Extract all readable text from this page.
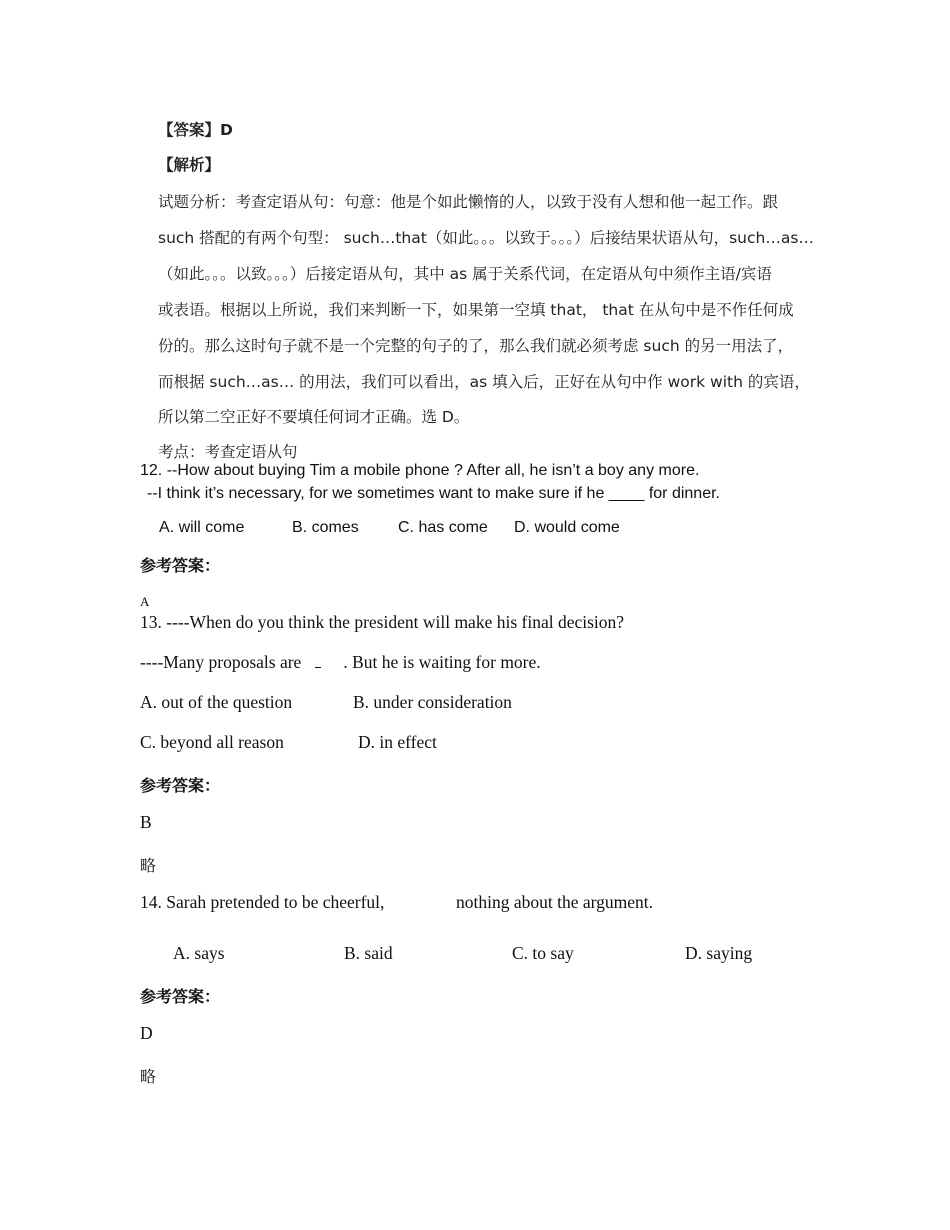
【答案】D
【解析】
试题分析：考查定语从句：句意：他是个如此懒惰的人，以致于没有人想和他一起工作。跟
such 搭配的有两个句型： such…that（如此。。。以致于。。。）后接结果状语从句，such…as…
（如此。。。以致。。。）后接定语从句，其中 as 属于关系代词，在定语从句中须作主语/宾语
或表语。根据以上所说，我们来判断一下，如果第一空填 that， that 在从句中是不作任何成
份的。那么这时句子就不是一个完整的句子的了，那么我们就必须考虑 such 的另一用法了，
而根据 such…as… 的用法，我们可以看出，as 填入后，正好在从句中作 work with 的宾语，
所以第二空正好不要填任何词才正确。选 D。
考点：考查定语从句
12. --How about buying Tim a mobile phone ? After all, he isn’t a boy any more.
--I think it’s necessary, for we sometimes want to make sure if he ____ for dinner.
A. will come	B. comes C. has come D. would come
参考答案：
A
13. ----When do you think the president will make his final decision?
----Many proposals are . But he is waiting for more.
A. out of the question	B. under consideration
C. beyond all reason	D. in effect
参考答案：
B
略
14. Sarah pretended to be cheerful,	nothing about the argument.
A. says	B. said	C. to say	D. saying
参考答案：
D
略
